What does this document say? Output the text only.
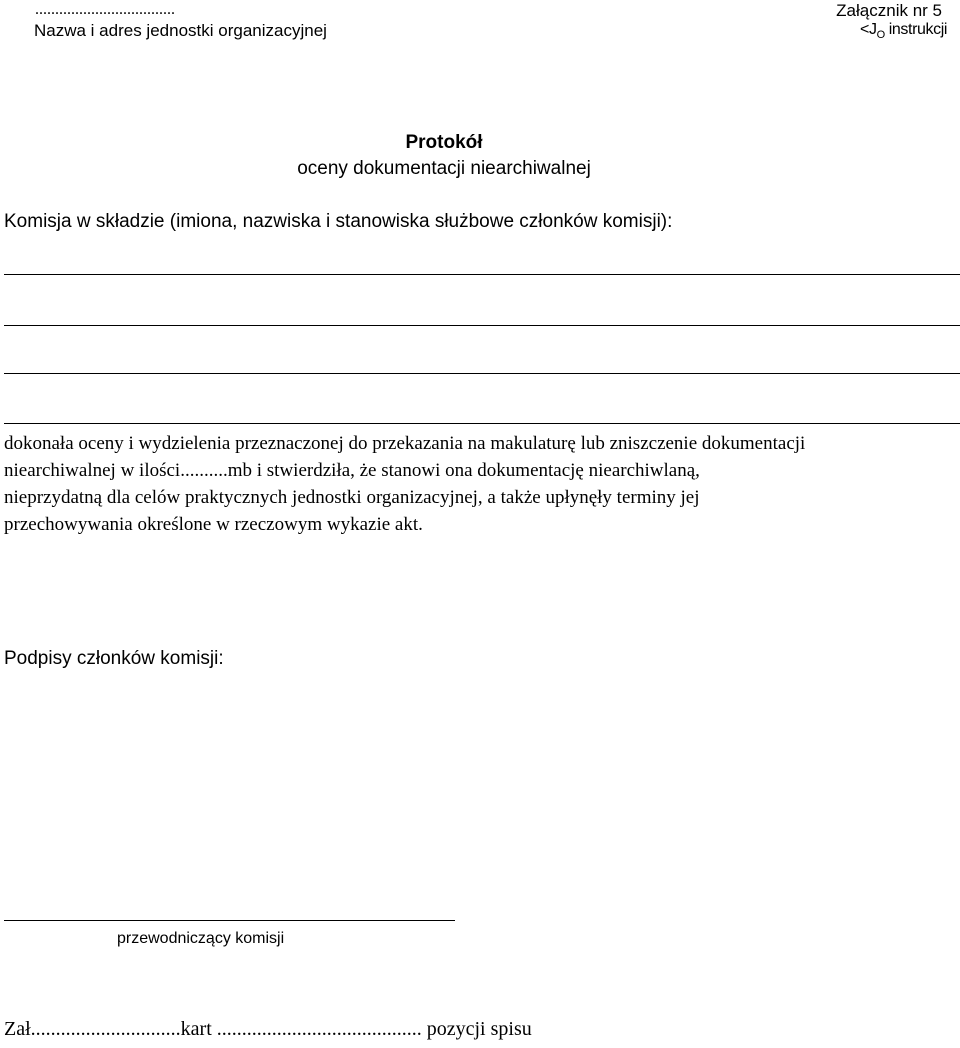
...................................
Nazwa i adres jednostki organizacyjnej
Załącznik nr 5
$<J_O$ instrukcji
Protokół
oceny dokumentacji niearchiwalnej
Komisja w składzie (imiona, nazwiska i stanowiska służbowe członków komisji):
dokonała oceny i wydzielenia przeznaczonej do przekazania na makulaturę lub zniszczenie dokumentacji
niearchiwalnej w ilości..........mb i stwierdziła, że stanowi ona dokumentację niearchiwlaną,
nieprzydatną dla celów praktycznych jednostki organizacyjnej, a także upłynęły terminy jej
przechowywania określone w rzeczowym wykazie akt.
Podpisy członków komisji:
przewodniczący komisji
Zał..............................kart ......................................... pozycji spisu
